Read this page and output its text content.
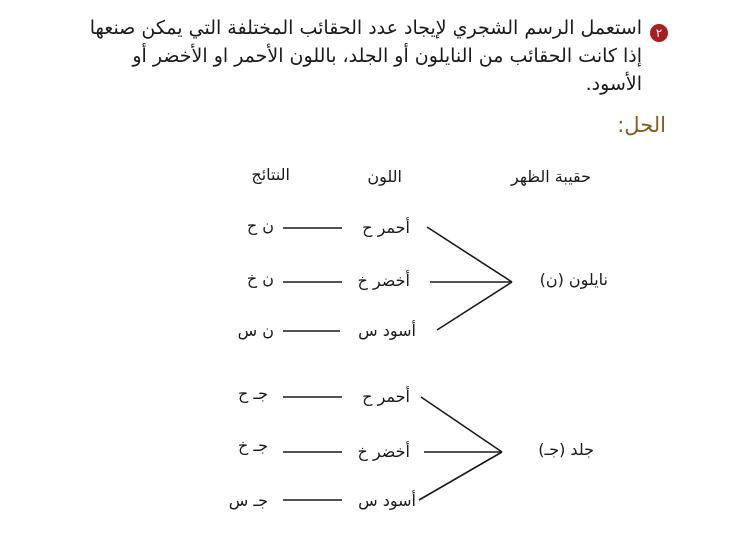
٢
استعمل الرسم الشجري لإيجاد عدد الحقائب المختلفة التي يمكن صنعها إذا كانت الحقائب من النايلون أو الجلد، باللون الأحمر او الأخضر أو الأسود.
الحل:
حقيبة الظهر
اللون
النتائج
نايلون (ن)
أحمر ح
أخضر خ
أسود س
ن ح
ن خ
ن س
جلد (جـ)
أحمر ح
أخضر خ
أسود س
جـ ح
جـ خ
جـ س
